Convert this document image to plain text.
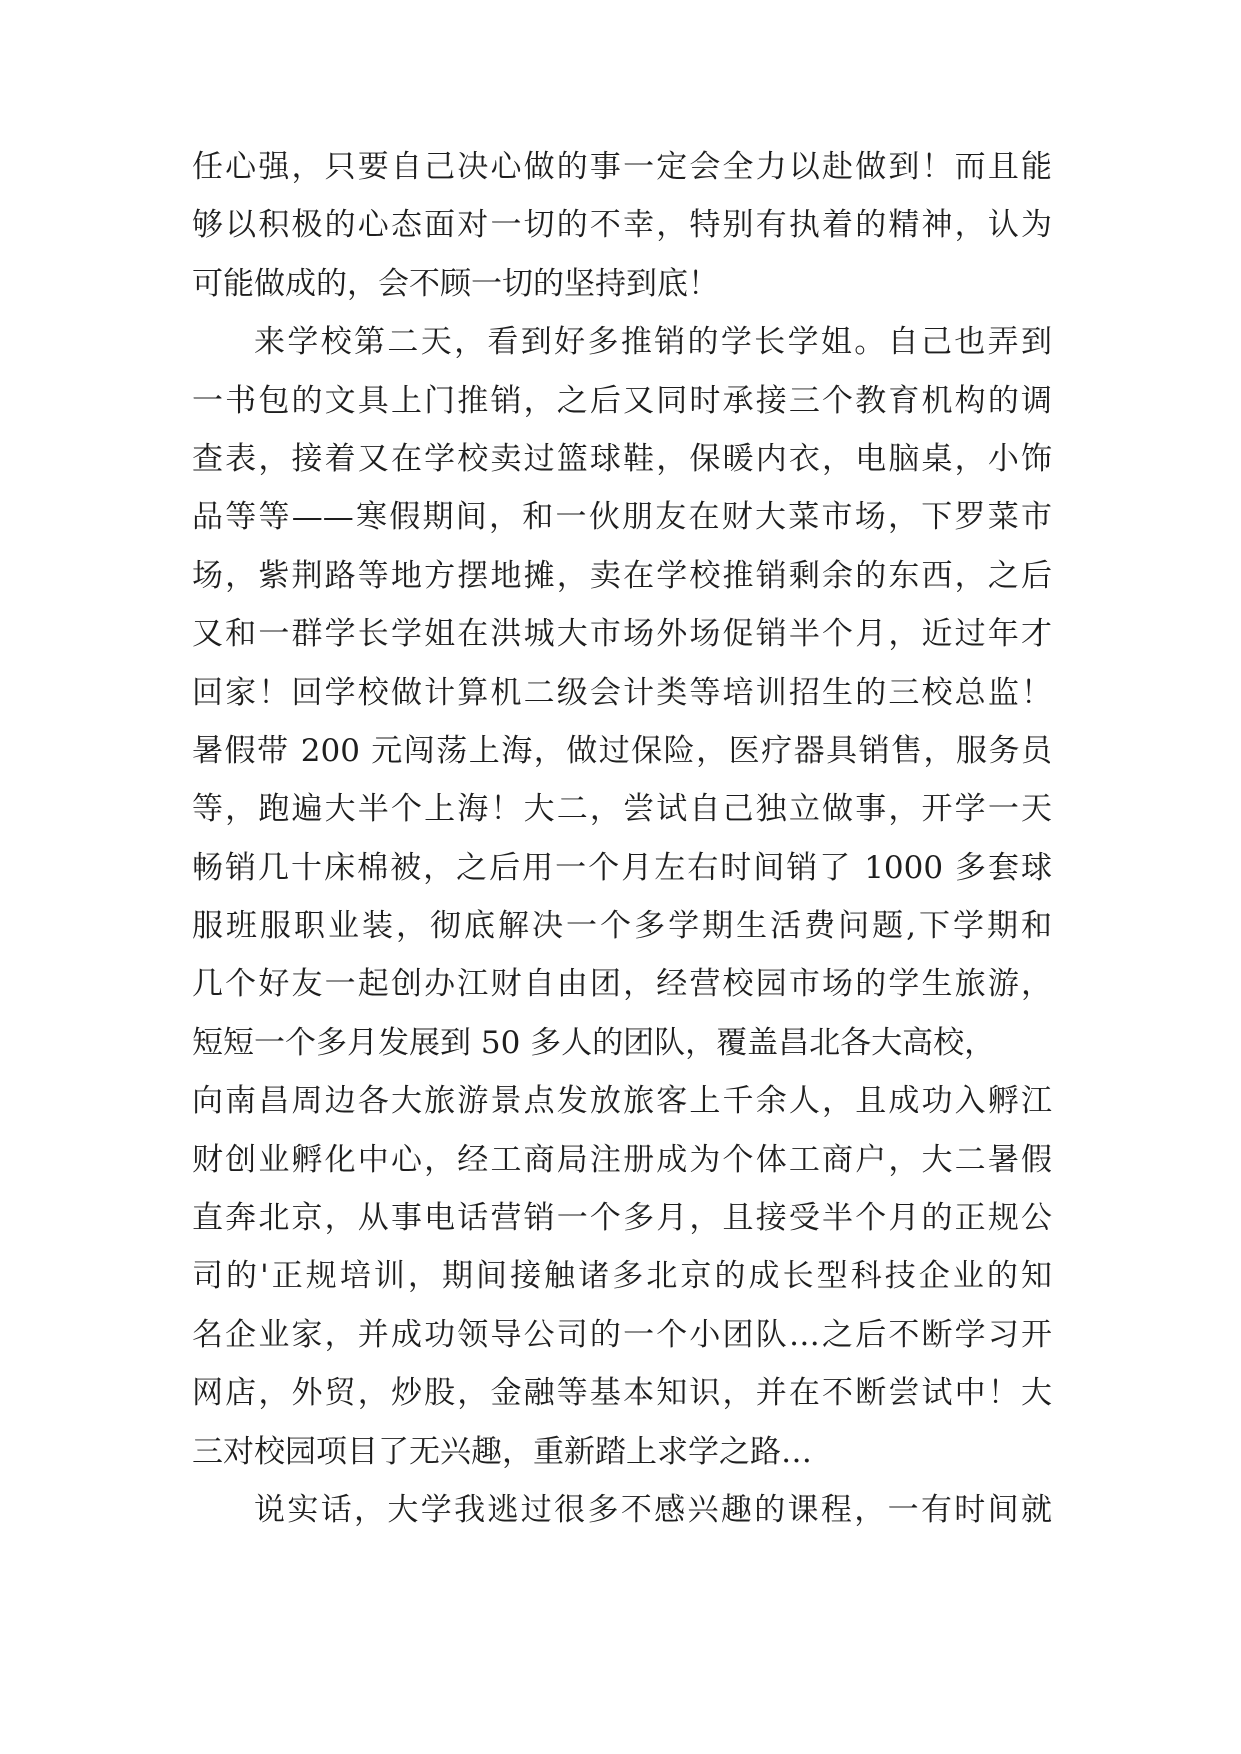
任心强，只要自己决心做的事一定会全力以赴做到！而且能
够以积极的心态面对一切的不幸，特别有执着的精神，认为
可能做成的，会不顾一切的坚持到底！
来学校第二天，看到好多推销的学长学姐。自己也弄到
一书包的文具上门推销，之后又同时承接三个教育机构的调
查表，接着又在学校卖过篮球鞋，保暖内衣，电脑桌，小饰
品等等——寒假期间，和一伙朋友在财大菜市场，下罗菜市
场，紫荆路等地方摆地摊，卖在学校推销剩余的东西，之后
又和一群学长学姐在洪城大市场外场促销半个月，近过年才
回家！回学校做计算机二级会计类等培训招生的三校总监！
暑假带 200 元闯荡上海，做过保险，医疗器具销售，服务员
等，跑遍大半个上海！大二，尝试自己独立做事，开学一天
畅销几十床棉被，之后用一个月左右时间销了 1000 多套球
服班服职业装，彻底解决一个多学期生活费问题,下学期和
几个好友一起创办江财自由团，经营校园市场的学生旅游，
短短一个多月发展到 50 多人的团队，覆盖昌北各大高校，
向南昌周边各大旅游景点发放旅客上千余人，且成功入孵江
财创业孵化中心，经工商局注册成为个体工商户，大二暑假
直奔北京，从事电话营销一个多月，且接受半个月的正规公
司的'正规培训，期间接触诸多北京的成长型科技企业的知
名企业家，并成功领导公司的一个小团队…之后不断学习开
网店，外贸，炒股，金融等基本知识，并在不断尝试中！大
三对校园项目了无兴趣，重新踏上求学之路…
说实话，大学我逃过很多不感兴趣的课程，一有时间就
